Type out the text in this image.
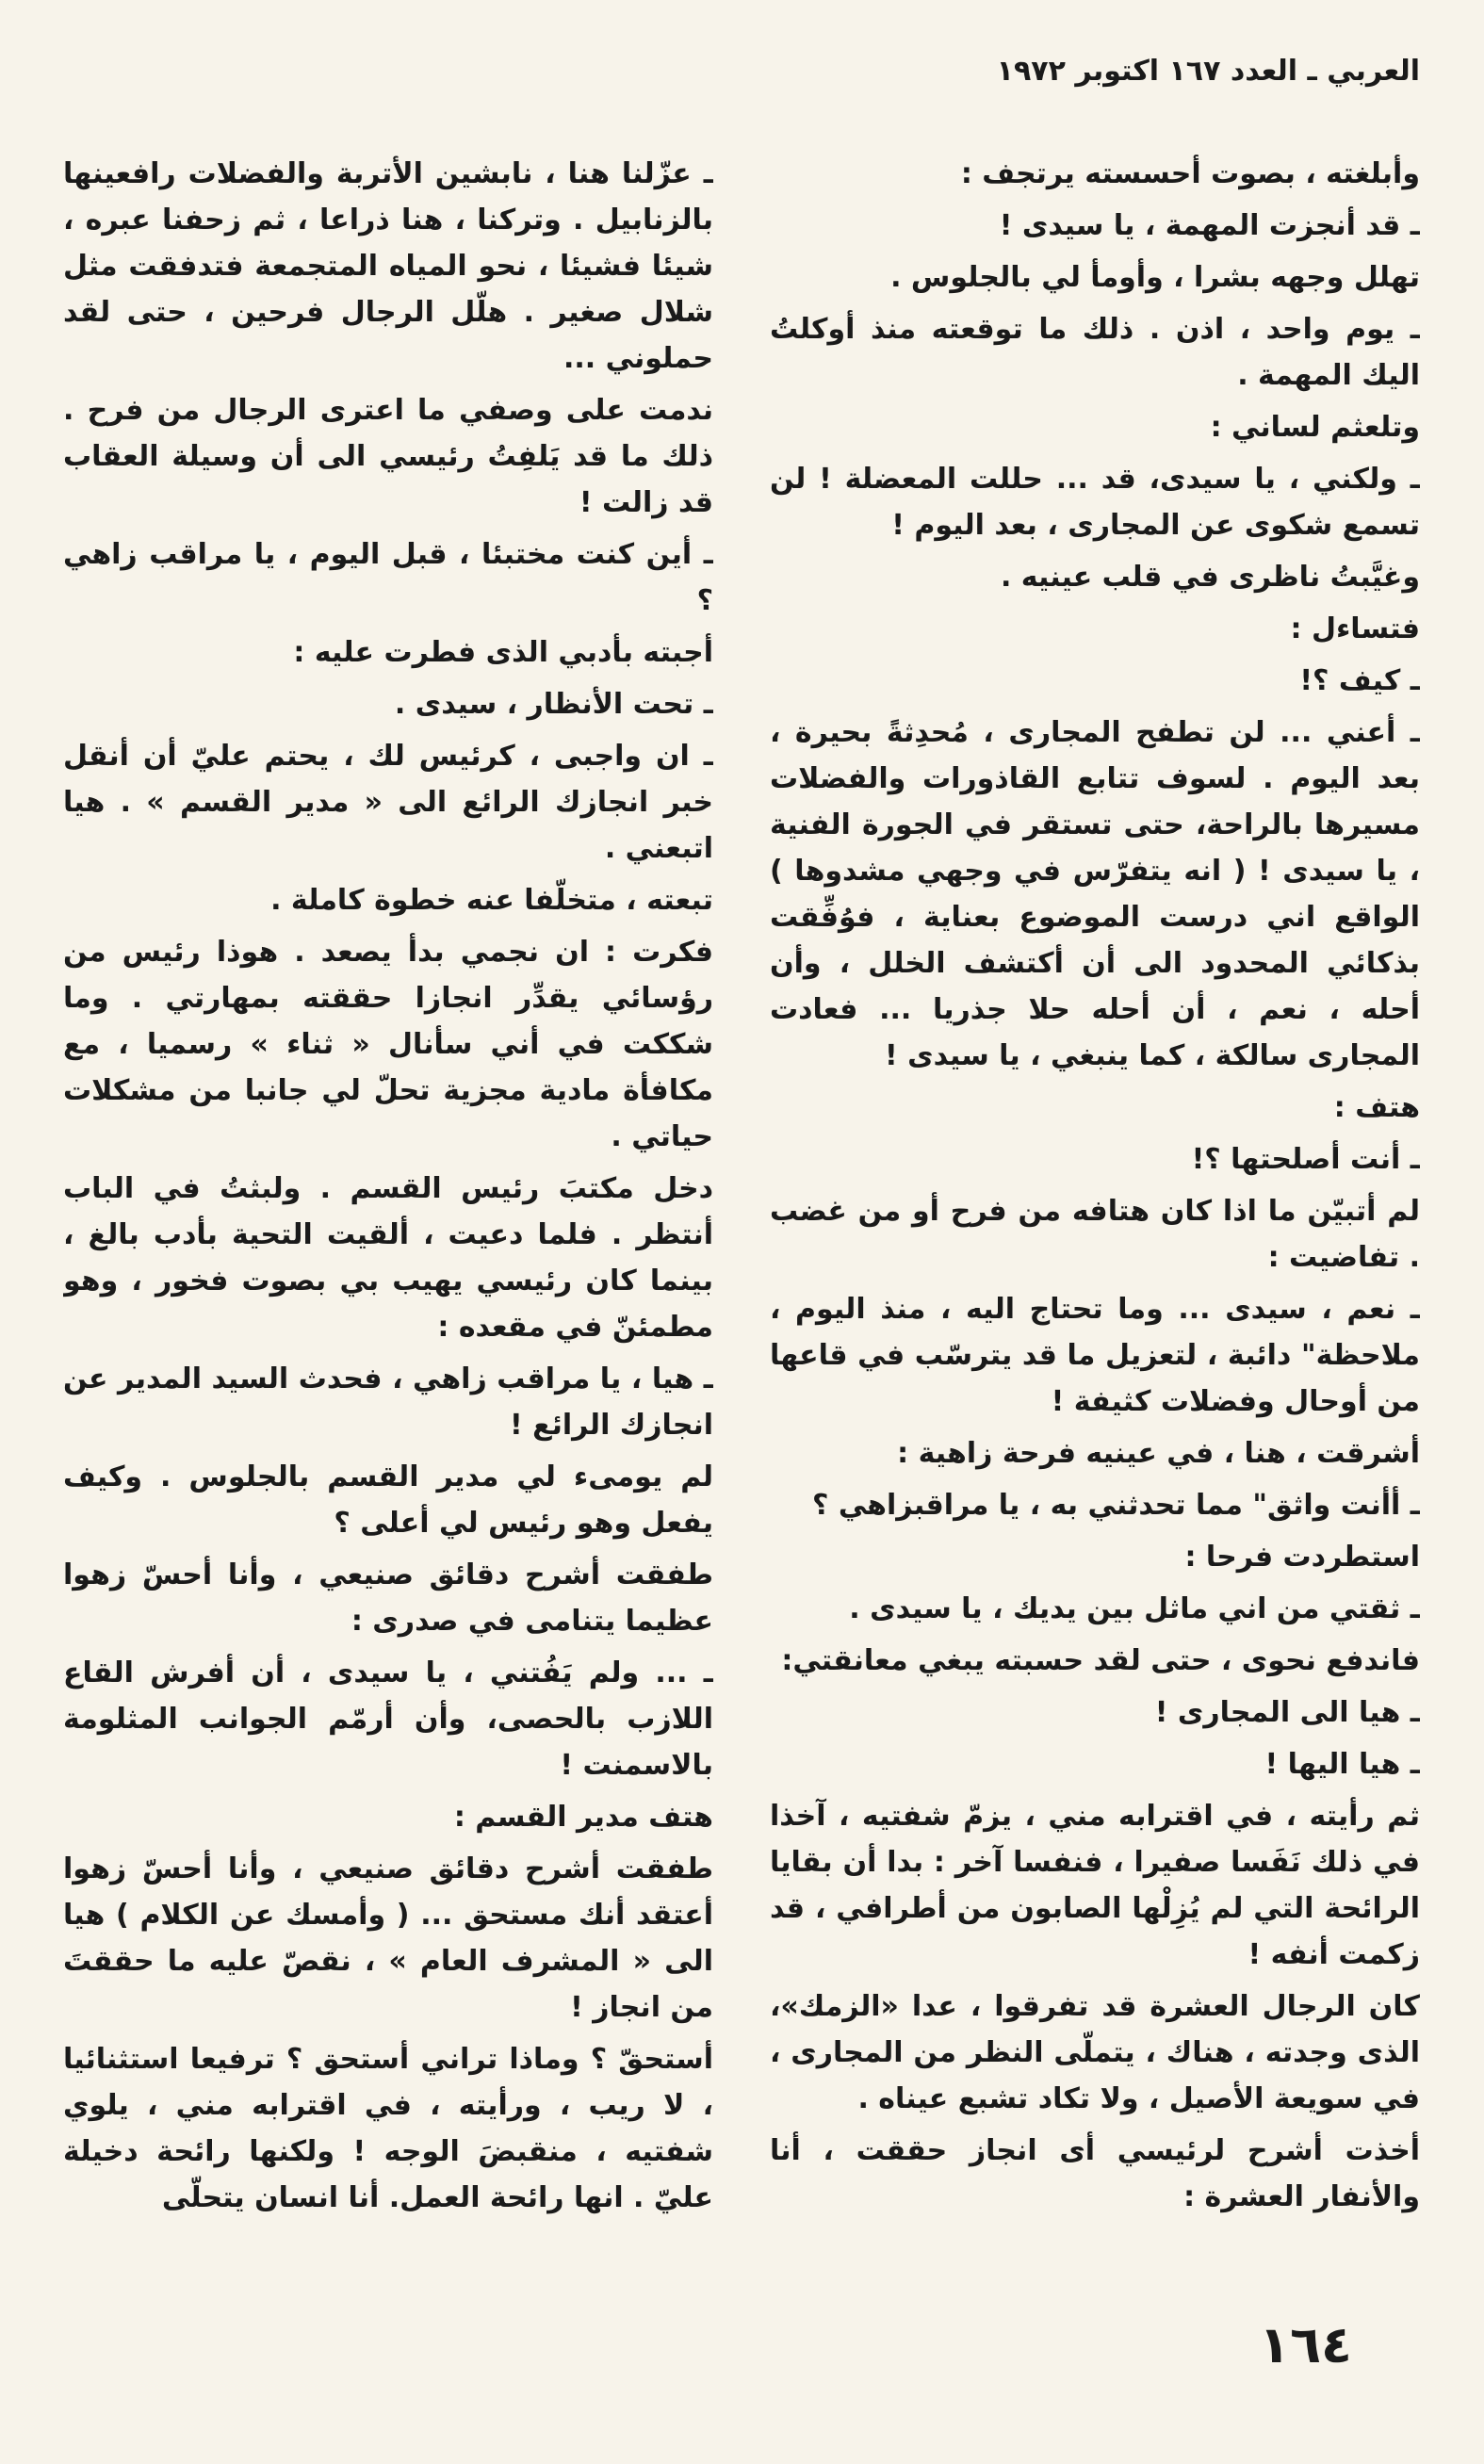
العربي ـ العدد ١٦٧ اكتوبر ١٩٧٢

وأبلغته ، بصوت أحسسته يرتجف :

ـ قد أنجزت المهمة ، يا سيدى !

تهلل وجهه بشرا ، وأومأ لي بالجلوس .

ـ يوم واحد ، اذن . ذلك ما توقعته منذ أوكلتُ اليك المهمة .

وتلعثم لساني :

ـ ولكني ، يا سيدى، قد ... حللت المعضلة ! لن تسمع شكوى عن المجارى ، بعد اليوم !

وغيَّبتُ ناظرى في قلب عينيه .

فتساءل :

ـ كيف ؟!

ـ أعني ... لن تطفح المجارى ، مُحدِثةً بحيرة ، بعد اليوم . لسوف تتابع القاذورات والفضلات مسيرها بالراحة، حتى تستقر في الجورة الفنية ، يا سيدى ! ( انه يتفرّس في وجهي مشدوها ) الواقع اني درست الموضوع بعناية ، فوُفِّقت بذكائي المحدود الى أن أكتشف الخلل ، وأن أحله ، نعم ، أن أحله حلا جذريا ... فعادت المجارى سالكة ، كما ينبغي ، يا سيدى !

هتف :

ـ أنت أصلحتها ؟!

لم أتبيّن ما اذا كان هتافه من فرح أو من غضب . تفاضيت :

ـ نعم ، سيدى ... وما تحتاج اليه ، منذ اليوم ، ملاحظة" دائبة ، لتعزيل ما قد يترسّب في قاعها من أوحال وفضلات كثيفة !

أشرقت ، هنا ، في عينيه فرحة زاهية :

ـ أأنت واثق" مما تحدثني به ، يا مراقبزاهي ؟

استطردت فرحا :

ـ ثقتي من اني ماثل بين يديك ، يا سيدى .

فاندفع نحوى ، حتى لقد حسبته يبغي معانقتي:

ـ هيا الى المجارى !

ـ هيا اليها !

ثم رأيته ، في اقترابه مني ، يزمّ شفتيه ، آخذا في ذلك نَفَسا صفيرا ، فنفسا آخر : بدا أن بقايا الرائحة التي لم يُزِلْها الصابون من أطرافي ، قد زكمت أنفه !

كان الرجال العشرة قد تفرقوا ، عدا «الزمك»، الذى وجدته ، هناك ، يتملّى النظر من المجارى ، في سويعة الأصيل ، ولا تكاد تشبع عيناه .

أخذت أشرح لرئيسي أى انجاز حققت ، أنا والأنفار العشرة :

ـ عزّلنا هنا ، نابشين الأتربة والفضلات رافعينها بالزنابيل . وتركنا ، هنا ذراعا ، ثم زحفنا عبره ، شيئا فشيئا ، نحو المياه المتجمعة فتدفقت مثل شلال صغير . هلّل الرجال فرحين ، حتى لقد حملوني ...

ندمت على وصفي ما اعترى الرجال من فرح . ذلك ما قد يَلفِتُ رئيسي الى أن وسيلة العقاب قد زالت !

ـ أين كنت مختبئا ، قبل اليوم ، يا مراقب زاهي ؟

أجبته بأدبي الذى فطرت عليه :

ـ تحت الأنظار ، سيدى .

ـ ان واجبى ، كرئيس لك ، يحتم عليّ أن أنقل خبر انجازك الرائع الى « مدير القسم » . هيا اتبعني .

تبعته ، متخلّفا عنه خطوة كاملة .

فكرت : ان نجمي بدأ يصعد . هوذا رئيس من رؤسائي يقدِّر انجازا حققته بمهارتي . وما شككت في أني سأنال « ثناء » رسميا ، مع مكافأة مادية مجزية تحلّ لي جانبا من مشكلات حياتي .

دخل مكتبَ رئيس القسم . ولبثتُ في الباب أنتظر . فلما دعيت ، ألقيت التحية بأدب بالغ ، بينما كان رئيسي يهيب بي بصوت فخور ، وهو مطمئنّ في مقعده :

ـ هيا ، يا مراقب زاهي ، فحدث السيد المدير عن انجازك الرائع !

لم يومىء لي مدير القسم بالجلوس . وكيف يفعل وهو رئيس لي أعلى ؟

طفقت أشرح دقائق صنيعي ، وأنا أحسّ زهوا عظيما يتنامى في صدرى :

ـ ... ولم يَفُتني ، يا سيدى ، أن أفرش القاع اللازب بالحصى، وأن أرمّم الجوانب المثلومة بالاسمنت !

هتف مدير القسم :

طفقت أشرح دقائق صنيعي ، وأنا أحسّ زهوا أعتقد أنك مستحق ... ( وأمسك عن الكلام ) هيا الى « المشرف العام » ، نقصّ عليه ما حققتَ من انجاز !

أستحقّ ؟ وماذا تراني أستحق ؟ ترفيعا استثنائيا ، لا ريب ، ورأيته ، في اقترابه مني ، يلوي شفتيه ، منقبضَ الوجه ! ولكنها رائحة دخيلة عليّ . انها رائحة العمل. أنا انسان يتحلّى

١٦٤
